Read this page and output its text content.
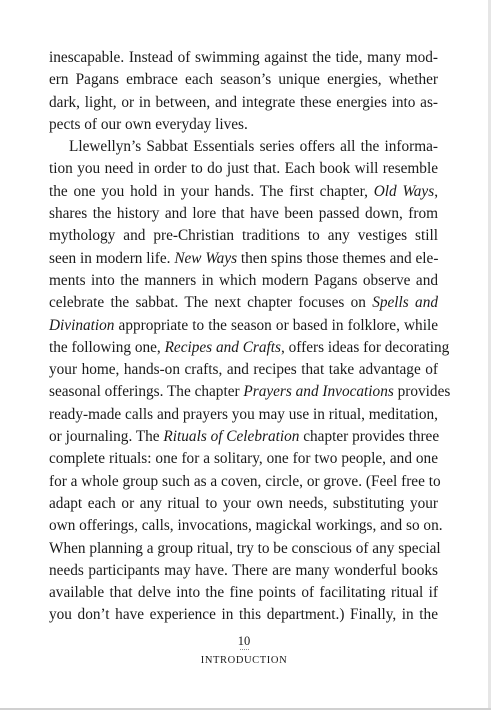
inescapable. Instead of swimming against the tide, many mod-
ern Pagans embrace each season’s unique energies, whether
dark, light, or in between, and integrate these energies into as-
pects of our own everyday lives.
Llewellyn’s Sabbat Essentials series offers all the informa-
tion you need in order to do just that. Each book will resemble
the one you hold in your hands. The first chapter, Old Ways,
shares the history and lore that have been passed down, from
mythology and pre-Christian traditions to any vestiges still
seen in modern life. New Ways then spins those themes and ele-
ments into the manners in which modern Pagans observe and
celebrate the sabbat. The next chapter focuses on Spells and
Divination appropriate to the season or based in folklore, while
the following one, Recipes and Crafts, offers ideas for decorating
your home, hands-on crafts, and recipes that take advantage of
seasonal offerings. The chapter Prayers and Invocations provides
ready-made calls and prayers you may use in ritual, meditation,
or journaling. The Rituals of Celebration chapter provides three
complete rituals: one for a solitary, one for two people, and one
for a whole group such as a coven, circle, or grove. (Feel free to
adapt each or any ritual to your own needs, substituting your
own offerings, calls, invocations, magickal workings, and so on.
When planning a group ritual, try to be conscious of any special
needs participants may have. There are many wonderful books
available that delve into the fine points of facilitating ritual if
you don’t have experience in this department.) Finally, in the
10
INTRODUCTION
